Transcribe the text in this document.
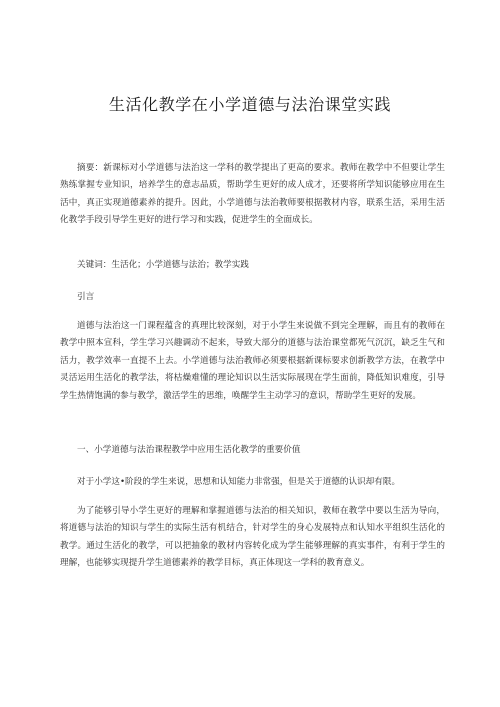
生活化教学在小学道德与法治课堂实践

摘要：新课标对小学道德与法治这一学科的教学提出了更高的要求。教师在教学中不但要让学生熟练掌握专业知识，培养学生的意志品质，帮助学生更好的成人成才，还要将所学知识能够应用在生活中，真正实现道德素养的提升。因此，小学道德与法治教师要根据教材内容，联系生活，采用生活化教学手段引导学生更好的进行学习和实践，促进学生的全面成长。

关键词：生活化；小学道德与法治；教学实践

引言

道德与法治这一门课程蕴含的真理比较深刻，对于小学生来说做不到完全理解，而且有的教师在教学中照本宣科，学生学习兴趣调动不起来，导致大部分的道德与法治课堂都死气沉沉，缺乏生气和活力，教学效率一直提不上去。小学道德与法治教师必须要根据新课标要求创新教学方法，在教学中灵活运用生活化的教学法，将枯燥难懂的理论知识以生活实际展现在学生面前，降低知识难度，引导学生热情饱满的参与教学，激活学生的思维，唤醒学生主动学习的意识，帮助学生更好的发展。

一、小学道德与法治课程教学中应用生活化教学的重要价值

对于小学这•阶段的学生来说，思想和认知能力非常强，但是关于道德的认识却有限。

为了能够引导小学生更好的理解和掌握道德与法治的相关知识，教师在教学中要以生活为导向，将道德与法治的知识与学生的实际生活有机结合，针对学生的身心发展特点和认知水平组织生活化的教学。通过生活化的教学，可以把抽象的教材内容转化成为学生能够理解的真实事件，有利于学生的理解，也能够实现提升学生道德素养的教学目标，真正体现这一学科的教育意义。
